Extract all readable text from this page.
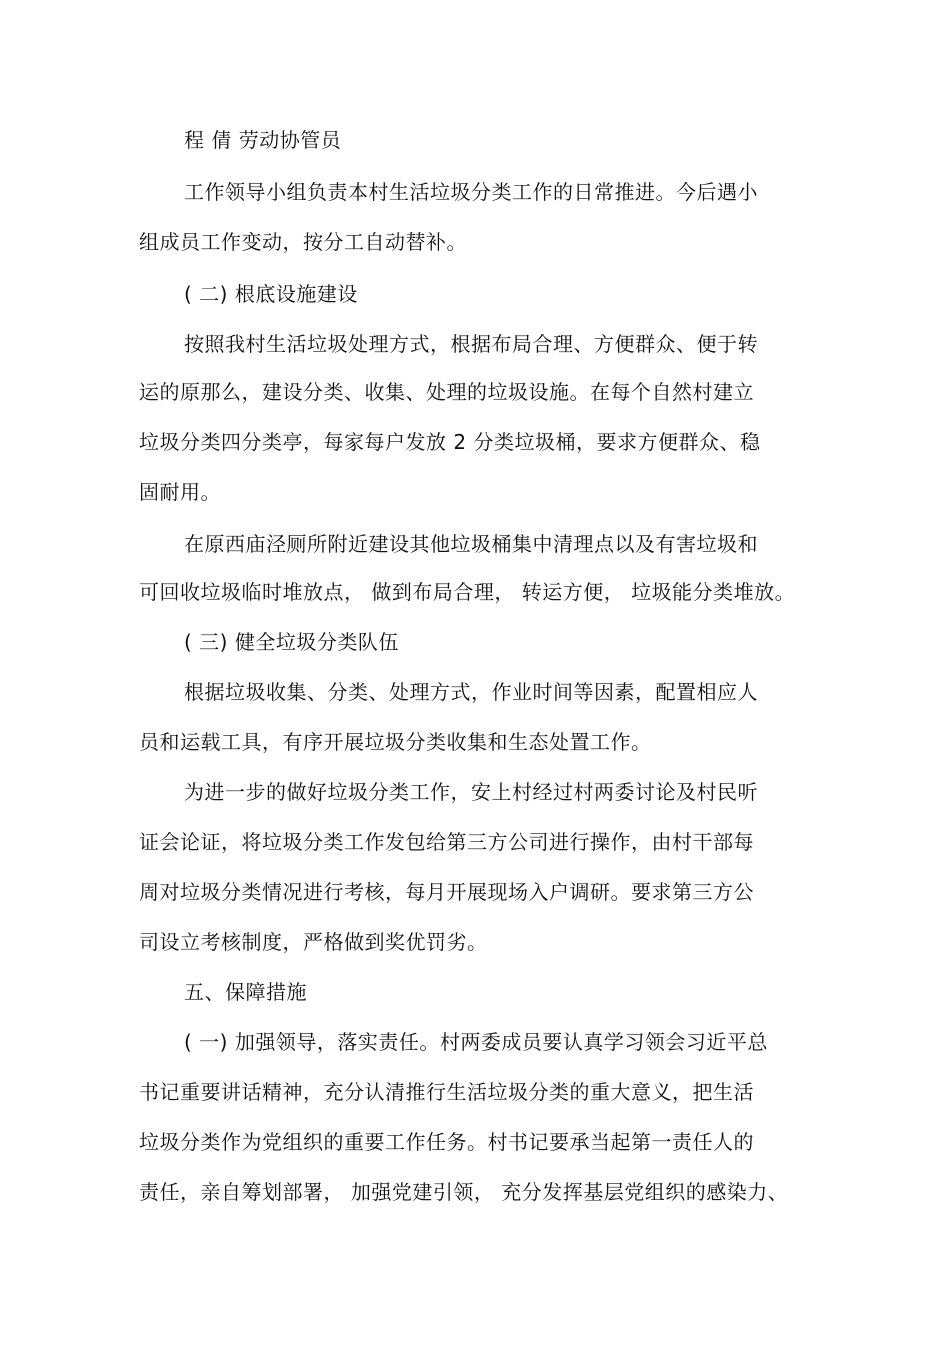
程 倩 劳动协管员
工作领导小组负责本村生活垃圾分类工作的日常推进。今后遇小
组成员工作变动，按分工自动替补。
( 二) 根底设施建设
按照我村生活垃圾处理方式，根据布局合理、方便群众、便于转
运的原那么，建设分类、收集、处理的垃圾设施。在每个自然村建立
垃圾分类四分类亭，每家每户发放 2 分类垃圾桶，要求方便群众、稳
固耐用。
在原西庙泾厕所附近建设其他垃圾桶集中清理点以及有害垃圾和
可回收垃圾临时堆放点， 做到布局合理， 转运方便， 垃圾能分类堆放。
( 三) 健全垃圾分类队伍
根据垃圾收集、分类、处理方式，作业时间等因素，配置相应人
员和运载工具，有序开展垃圾分类收集和生态处置工作。
为进一步的做好垃圾分类工作，安上村经过村两委讨论及村民听
证会论证，将垃圾分类工作发包给第三方公司进行操作，由村干部每
周对垃圾分类情况进行考核，每月开展现场入户调研。要求第三方公
司设立考核制度，严格做到奖优罚劣。
五、保障措施
( 一) 加强领导，落实责任。村两委成员要认真学习领会习近平总
书记重要讲话精神，充分认清推行生活垃圾分类的重大意义，把生活
垃圾分类作为党组织的重要工作任务。村书记要承当起第一责任人的
责任，亲自筹划部署， 加强党建引领， 充分发挥基层党组织的感染力、
